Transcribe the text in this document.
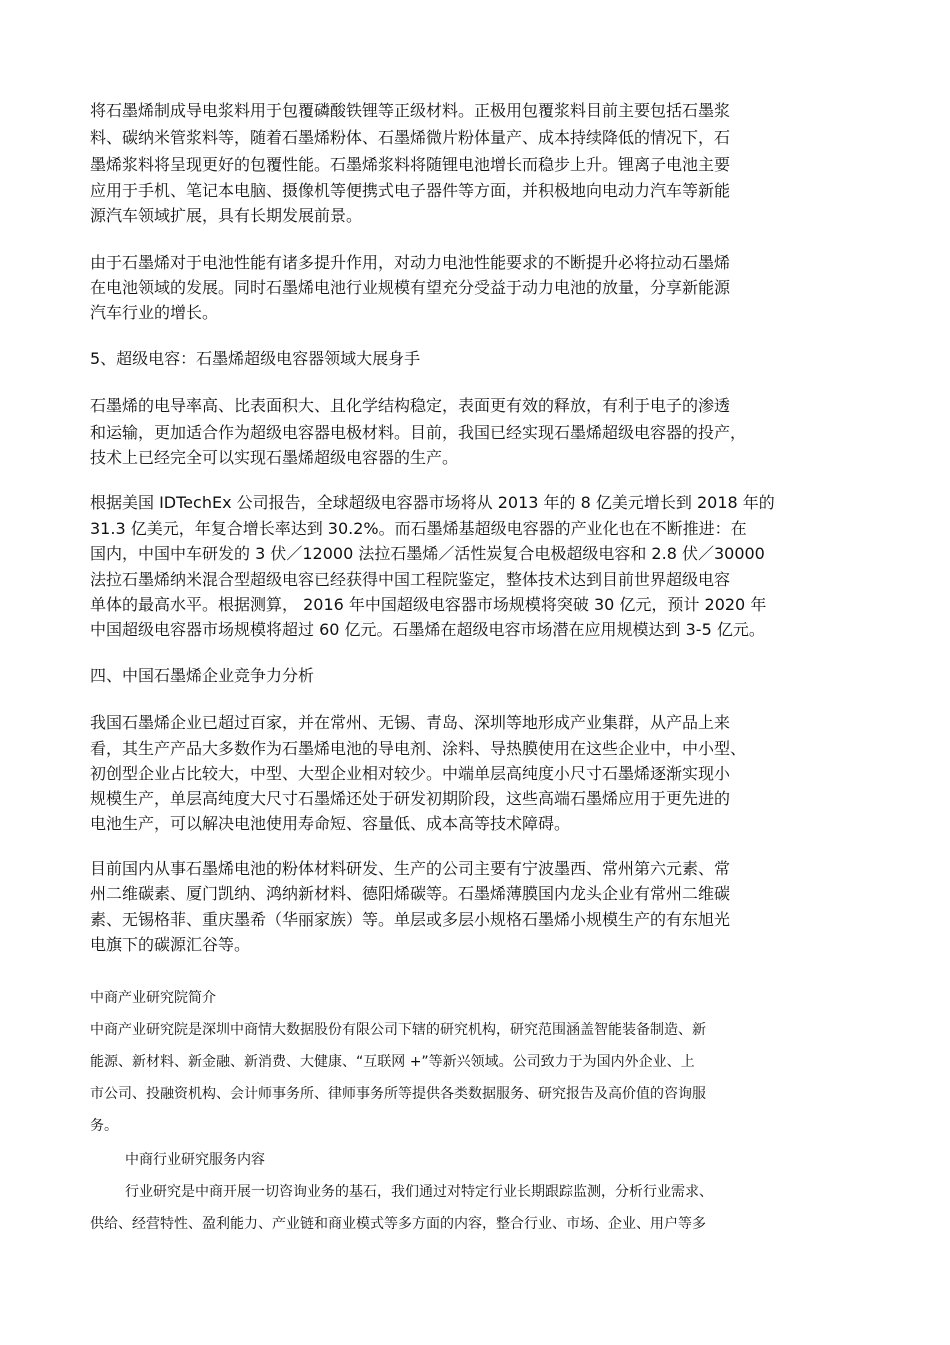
将石墨烯制成导电浆料用于包覆磷酸铁锂等正级材料。正极用包覆浆料目前主要包括石墨浆
料、碳纳米管浆料等，随着石墨烯粉体、石墨烯微片粉体量产、成本持续降低的情况下，石
墨烯浆料将呈现更好的包覆性能。石墨烯浆料将随锂电池增长而稳步上升。锂离子电池主要
应用于手机、笔记本电脑、摄像机等便携式电子器件等方面，并积极地向电动力汽车等新能
源汽车领域扩展，具有长期发展前景。
由于石墨烯对于电池性能有诸多提升作用，对动力电池性能要求的不断提升必将拉动石墨烯
在电池领域的发展。同时石墨烯电池行业规模有望充分受益于动力电池的放量，分享新能源
汽车行业的增长。
5、超级电容：石墨烯超级电容器领域大展身手
石墨烯的电导率高、比表面积大、且化学结构稳定，表面更有效的释放，有利于电子的渗透
和运输，更加适合作为超级电容器电极材料。目前，我国已经实现石墨烯超级电容器的投产，
技术上已经完全可以实现石墨烯超级电容器的生产。
根据美国 IDTechEx 公司报告，全球超级电容器市场将从 2013 年的 8 亿美元增长到 2018 年的
31.3 亿美元，年复合增长率达到 30.2%。而石墨烯基超级电容器的产业化也在不断推进：在
国内，中国中车研发的 3 伏／12000 法拉石墨烯／活性炭复合电极超级电容和 2.8 伏／30000
法拉石墨烯纳米混合型超级电容已经获得中国工程院鉴定，整体技术达到目前世界超级电容
单体的最高水平。根据测算， 2016 年中国超级电容器市场规模将突破 30 亿元，预计 2020 年
中国超级电容器市场规模将超过 60 亿元。石墨烯在超级电容市场潜在应用规模达到 3-5 亿元。
四、中国石墨烯企业竞争力分析
我国石墨烯企业已超过百家，并在常州、无锡、青岛、深圳等地形成产业集群，从产品上来
看，其生产产品大多数作为石墨烯电池的导电剂、涂料、导热膜使用在这些企业中，中小型、
初创型企业占比较大，中型、大型企业相对较少。中端单层高纯度小尺寸石墨烯逐渐实现小
规模生产，单层高纯度大尺寸石墨烯还处于研发初期阶段，这些高端石墨烯应用于更先进的
电池生产，可以解决电池使用寿命短、容量低、成本高等技术障碍。
目前国内从事石墨烯电池的粉体材料研发、生产的公司主要有宁波墨西、常州第六元素、常
州二维碳素、厦门凯纳、鸿纳新材料、德阳烯碳等。石墨烯薄膜国内龙头企业有常州二维碳
素、无锡格菲、重庆墨希（华丽家族）等。单层或多层小规格石墨烯小规模生产的有东旭光
电旗下的碳源汇谷等。
中商产业研究院简介
中商产业研究院是深圳中商情大数据股份有限公司下辖的研究机构，研究范围涵盖智能装备制造、新
能源、新材料、新金融、新消费、大健康、“互联网 +”等新兴领域。公司致力于为国内外企业、上
市公司、投融资机构、会计师事务所、律师事务所等提供各类数据服务、研究报告及高价值的咨询服
务。
中商行业研究服务内容
行业研究是中商开展一切咨询业务的基石，我们通过对特定行业长期跟踪监测，分析行业需求、
供给、经营特性、盈利能力、产业链和商业模式等多方面的内容，整合行业、市场、企业、用户等多
